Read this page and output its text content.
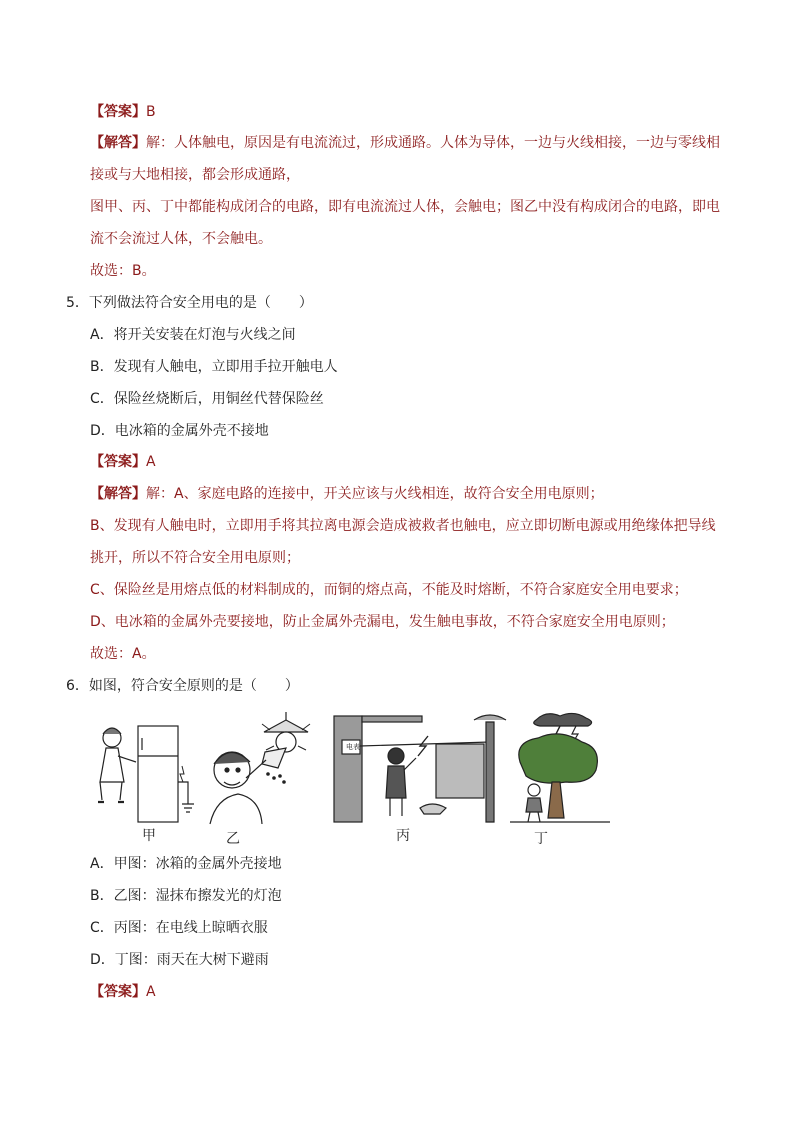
【答案】B
【解答】解：人体触电，原因是有电流流过，形成通路。人体为导体，一边与火线相接，一边与零线相
接或与大地相接，都会形成通路，
图甲、丙、丁中都能构成闭合的电路，即有电流流过人体，会触电；图乙中没有构成闭合的电路，即电
流不会流过人体，不会触电。
故选：B。
5．下列做法符合安全用电的是（　　）
A．将开关安装在灯泡与火线之间
B．发现有人触电，立即用手拉开触电人
C．保险丝烧断后，用铜丝代替保险丝
D．电冰箱的金属外壳不接地
【答案】A
【解答】解：A、家庭电路的连接中，开关应该与火线相连，故符合安全用电原则；
B、发现有人触电时，立即用手将其拉离电源会造成被救者也触电，应立即切断电源或用绝缘体把导线
挑开，所以不符合安全用电原则；
C、保险丝是用熔点低的材料制成的，而铜的熔点高，不能及时熔断，不符合家庭安全用电要求；
D、电冰箱的金属外壳要接地，防止金属外壳漏电，发生触电事故，不符合家庭安全用电原则；
故选：A。
6．如图，符合安全原则的是（　　）
甲	乙	丙	丁
电表
A．甲图：冰箱的金属外壳接地
B．乙图：湿抹布擦发光的灯泡
C．丙图：在电线上晾晒衣服
D．丁图：雨天在大树下避雨
【答案】A
